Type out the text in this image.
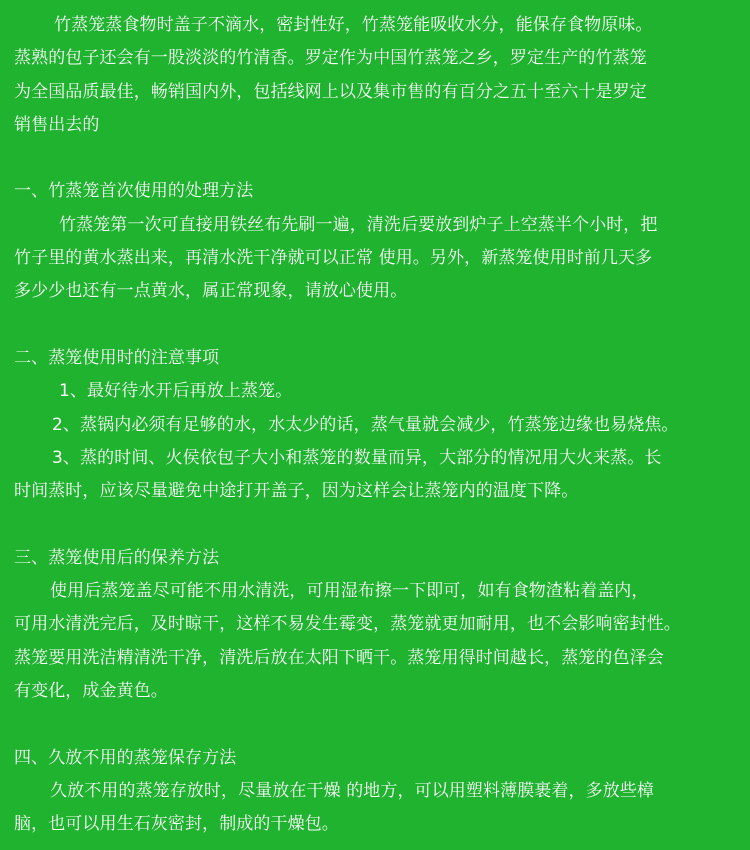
竹蒸笼蒸食物时盖子不滴水，密封性好，竹蒸笼能吸收水分，能保存食物原味。
蒸熟的包子还会有一股淡淡的竹清香。罗定作为中国竹蒸笼之乡，罗定生产的竹蒸笼
为全国品质最佳，畅销国内外，包括线网上以及集市售的有百分之五十至六十是罗定
销售出去的
一、竹蒸笼首次使用的处理方法
竹蒸笼第一次可直接用铁丝布先刷一遍，清洗后要放到炉子上空蒸半个小时，把
竹子里的黄水蒸出来，再清水洗干净就可以正常 使用。另外，新蒸笼使用时前几天多
多少少也还有一点黄水，属正常现象，请放心使用。
二、蒸笼使用时的注意事项
1、最好待水开后再放上蒸笼。
2、蒸锅内必须有足够的水，水太少的话，蒸气量就会减少，竹蒸笼边缘也易烧焦。
3、蒸的时间、火侯依包子大小和蒸笼的数量而异，大部分的情况用大火来蒸。长
时间蒸时，应该尽量避免中途打开盖子，因为这样会让蒸笼内的温度下降。
三、蒸笼使用后的保养方法
使用后蒸笼盖尽可能不用水清洗，可用湿布擦一下即可，如有食物渣粘着盖内，
可用水清洗完后，及时晾干，这样不易发生霉变，蒸笼就更加耐用，也不会影响密封性。
蒸笼要用洗洁精清洗干净，清洗后放在太阳下晒干。蒸笼用得时间越长，蒸笼的色泽会
有变化，成金黄色。
四、久放不用的蒸笼保存方法
久放不用的蒸笼存放时，尽量放在干燥 的地方，可以用塑料薄膜裹着，多放些樟
脑，也可以用生石灰密封，制成的干燥包。
